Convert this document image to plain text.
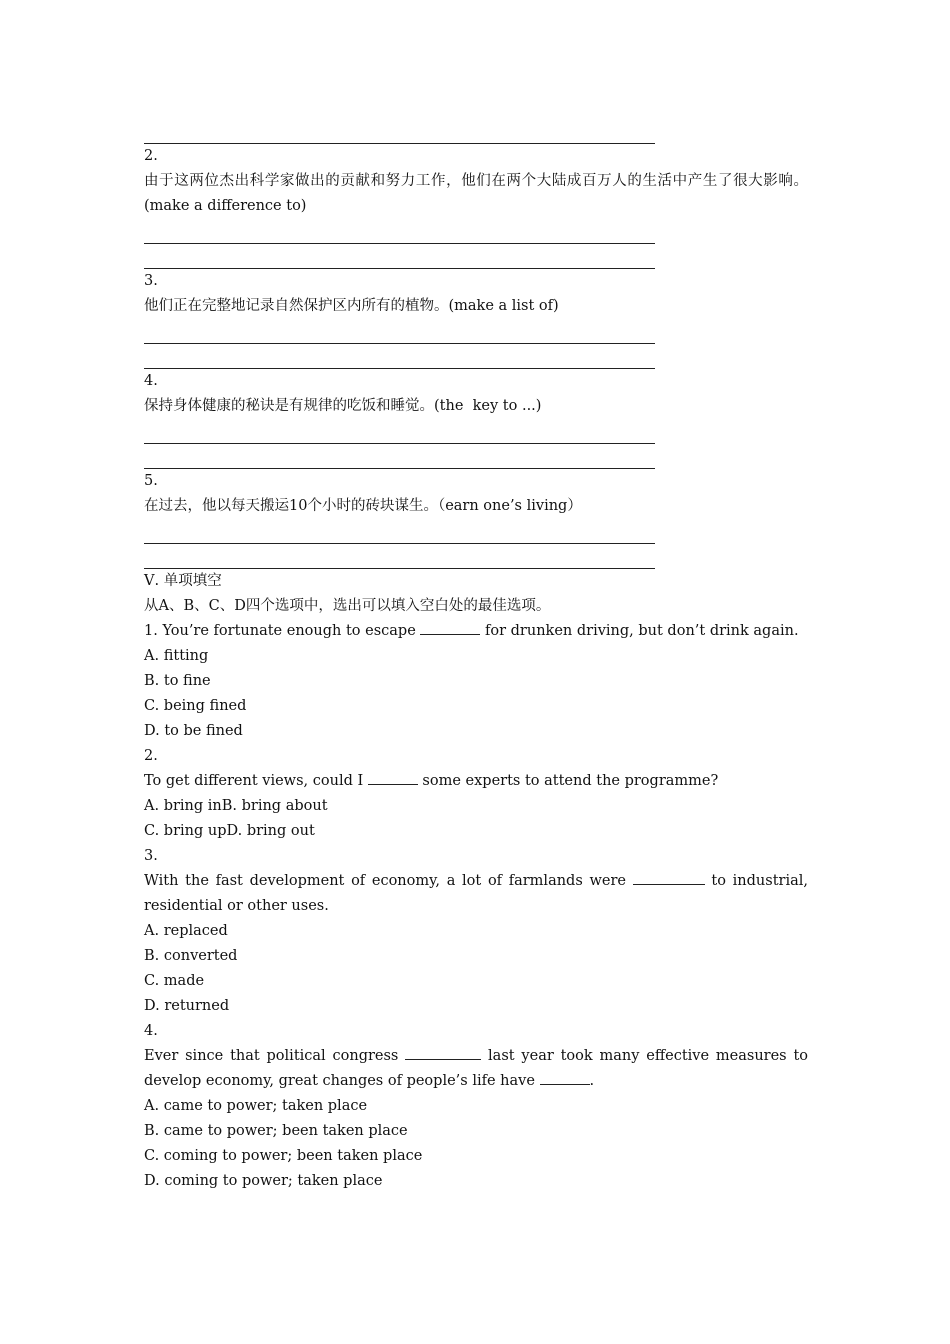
2.
由于这两位杰出科学家做出的贡献和努力工作，他们在两个大陆成百万人的生活中产生了很大影响。(make a difference to)
3.
他们正在完整地记录自然保护区内所有的植物。(make a list of)
4.
保持身体健康的秘诀是有规律的吃饭和睡觉。(the  key to ...)
5.
在过去，他以每天搬运10个小时的砖块谋生。（earn one’s living）
Ⅴ. 单项填空
从A、B、C、D四个选项中，选出可以填入空白处的最佳选项。
1. You’re fortunate enough to escape	for drunken driving, but don’t drink again.
A. fitting
B. to fine
C. being fined
D. to be fined
2.
To get different views, could I	some experts to attend the programme?
A. bring inB. bring about
C. bring upD. bring out
3.
With the fast development of economy, a lot of farmlands were	to industrial, residential or other uses.
A. replaced
B. converted
C. made
D. returned
4.
Ever since that political congress	last year took many effective measures to develop economy, great changes of people’s life have	.
A. came to power; taken place
B. came to power; been taken place
C. coming to power; been taken place
D. coming to power; taken place
